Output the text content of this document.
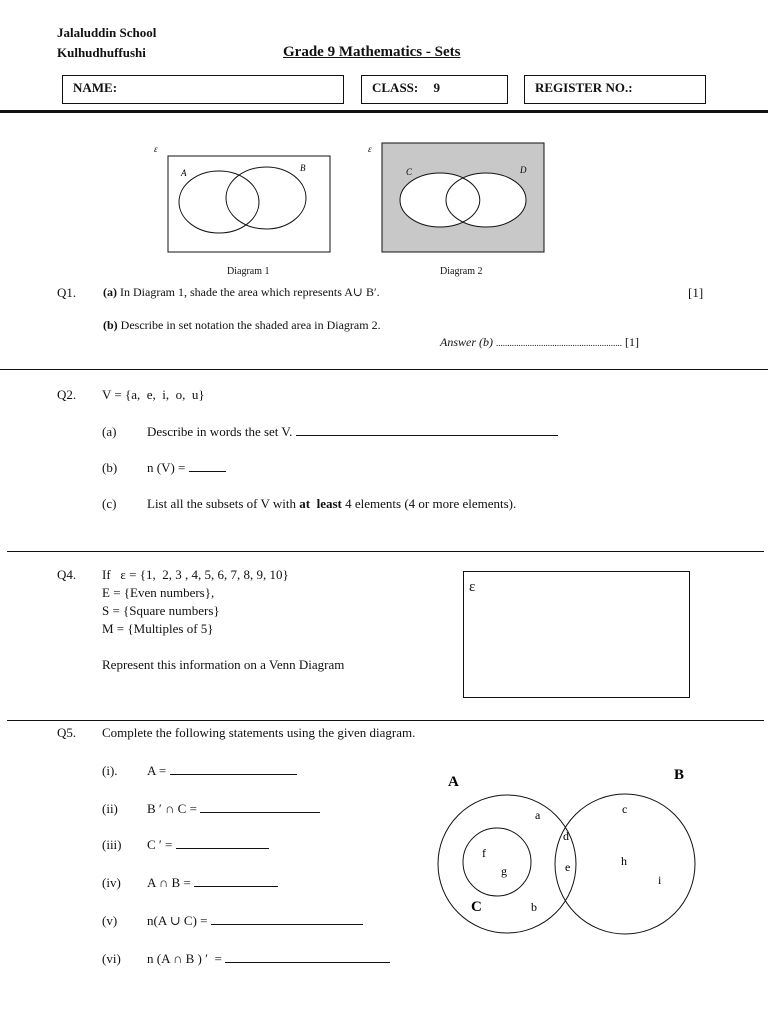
Jalaluddin School
Kulhudhuffushi	Grade 9 Mathematics - Sets
NAME:	CLASS: 9	REGISTER NO.:
ε
A	B
ε
C	D
Diagram 1	Diagram 2
Q1. (a) In Diagram 1, shade the area which represents A∪ B′.	[1]
(b) Describe in set notation the shaded area in Diagram 2.
Answer (b) ........................................................ [1]
Q2. V = {a,  e,  i,  o,  u}
(a) Describe in words the set V.
(b) n (V) =
(c) List all the subsets of V with at  least 4 elements (4 or more elements).
Q4. If   ε = {1,  2, 3 , 4, 5, 6, 7, 8, 9, 10}
E = {Even numbers},
S = {Square numbers}
M = {Multiples of 5}
Represent this information on a Venn Diagram
ε
Q5. Complete the following statements using the given diagram.
(i). A =
(ii) B ′ ∩ C =
(iii) C ′ =
(iv) A ∩ B =
(v) n(A ∪ C) =
(vi) n (A ∩ B ) ′  =
A	B
C
a
b
c
d
e
f
g
h
i
